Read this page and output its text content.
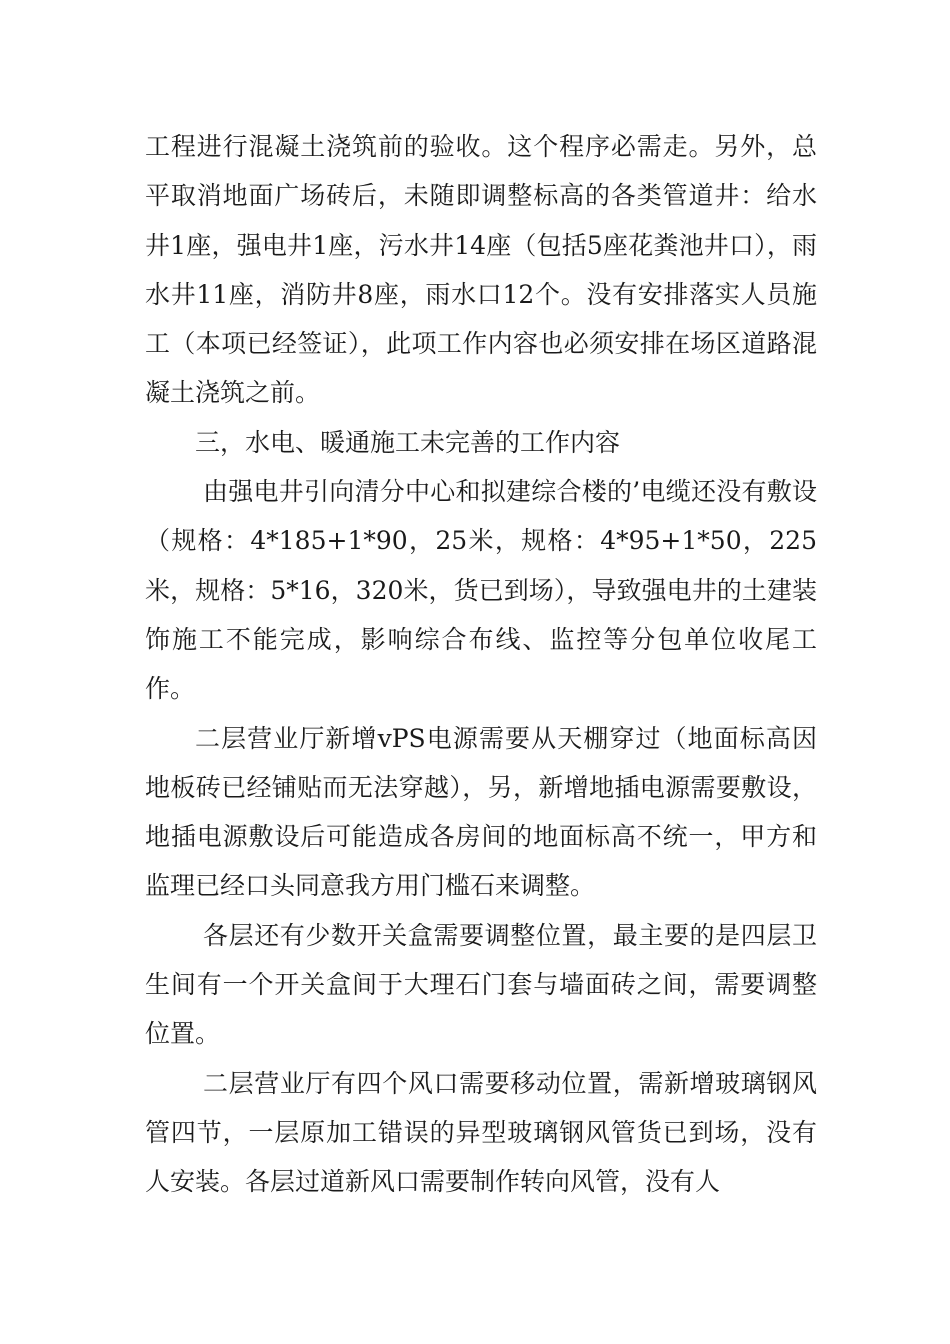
工程进行混凝土浇筑前的验收。这个程序必需走。另外，总平取消地面广场砖后，未随即调整标高的各类管道井：给水井1座，强电井1座，污水井14座（包括5座花粪池井口），雨水井11座，消防井8座，雨水口12个。没有安排落实人员施工（本项已经签证），此项工作内容也必须安排在场区道路混凝土浇筑之前。

三，水电、暖通施工未完善的工作内容

由强电井引向清分中心和拟建综合楼的’电缆还没有敷设（规格：4*185+1*90，25米，规格：4*95+1*50，225米，规格：5*16，320米，货已到场），导致强电井的土建装饰施工不能完成，影响综合布线、监控等分包单位收尾工作。

二层营业厅新增vPS电源需要从天棚穿过（地面标高因地板砖已经铺贴而无法穿越），另，新增地插电源需要敷设，地插电源敷设后可能造成各房间的地面标高不统一，甲方和监理已经口头同意我方用门槛石来调整。

各层还有少数开关盒需要调整位置，最主要的是四层卫生间有一个开关盒间于大理石门套与墙面砖之间，需要调整位置。

二层营业厅有四个风口需要移动位置，需新增玻璃钢风管四节，一层原加工错误的异型玻璃钢风管货已到场，没有人安装。各层过道新风口需要制作转向风管，没有人
